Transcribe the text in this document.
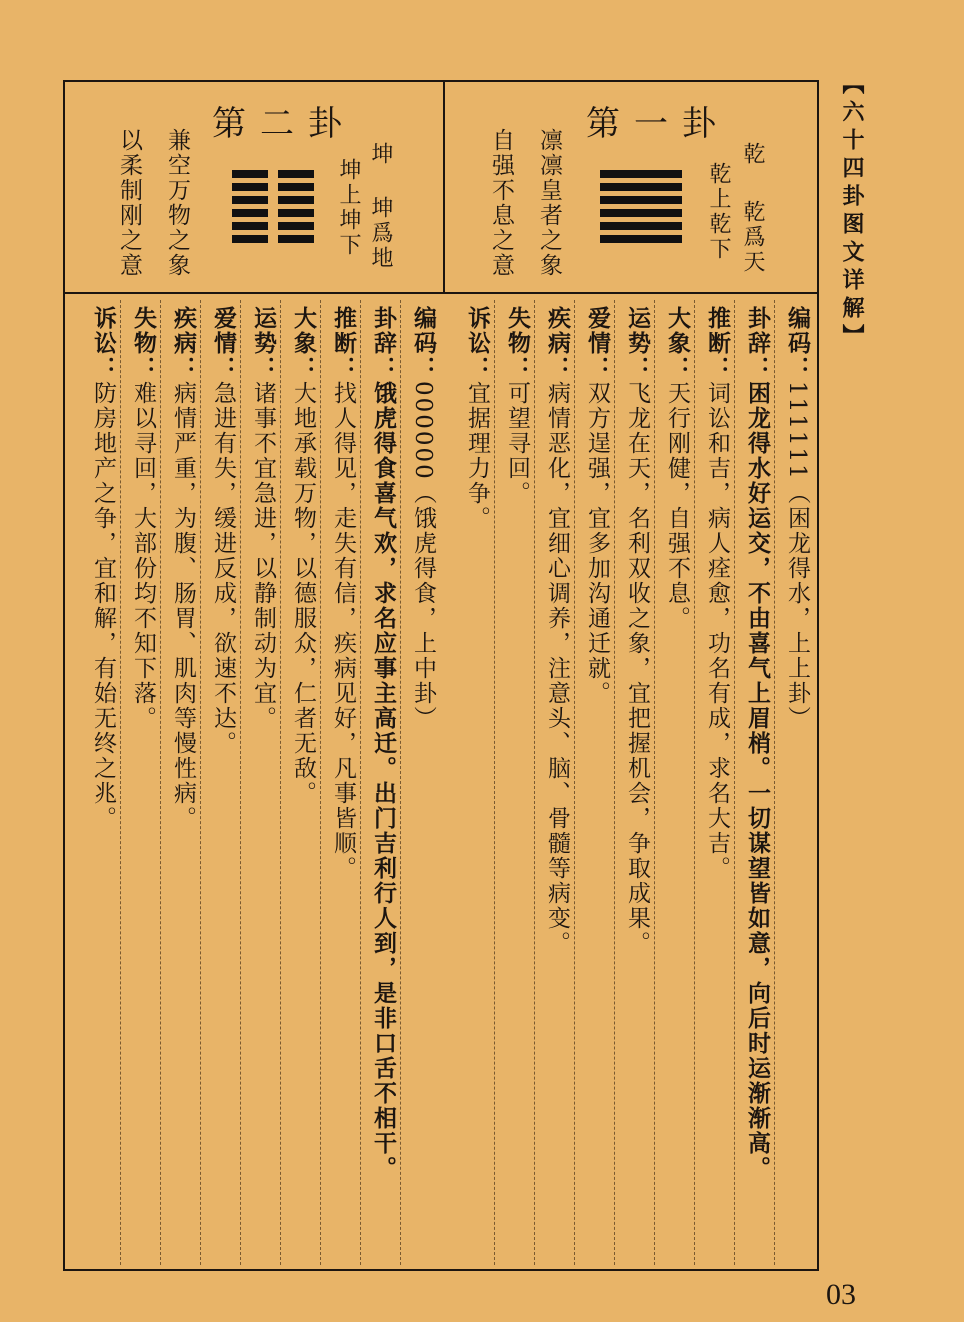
【六十四卦图文详解】
第一卦
乾
乾爲天
乾上乾下
凛凛皇者之象
自强不息之意
第二卦
坤
坤爲地
坤上坤下
兼空万物之象
以柔制刚之意
编码：111111（困龙得水，上上卦）
卦辞：困龙得水好运交，不由喜气上眉梢。一切谋望皆如意，向后时运渐渐高。
推断：词讼和吉，病人痊愈，功名有成，求名大吉。
大象：天行刚健，自强不息。
运势：飞龙在天，名利双收之象，宜把握机会，争取成果。
爱情：双方逞强，宜多加沟通迁就。
疾病：病情恶化，宜细心调养，注意头、脑、骨髓等病变。
失物：可望寻回。
诉讼：宜据理力争。
编码：000000（饿虎得食，上中卦）
卦辞：饿虎得食喜气欢，求名应事主高迁。出门吉利行人到，是非口舌不相干。
推断：找人得见，走失有信，疾病见好，凡事皆顺。
大象：大地承载万物，以德服众，仁者无敌。
运势：诸事不宜急进，以静制动为宜。
爱情：急进有失，缓进反成，欲速不达。
疾病：病情严重，为腹、肠胃、肌肉等慢性病。
失物：难以寻回，大部份均不知下落。
诉讼：防房地产之争，宜和解，有始无终之兆。
03
